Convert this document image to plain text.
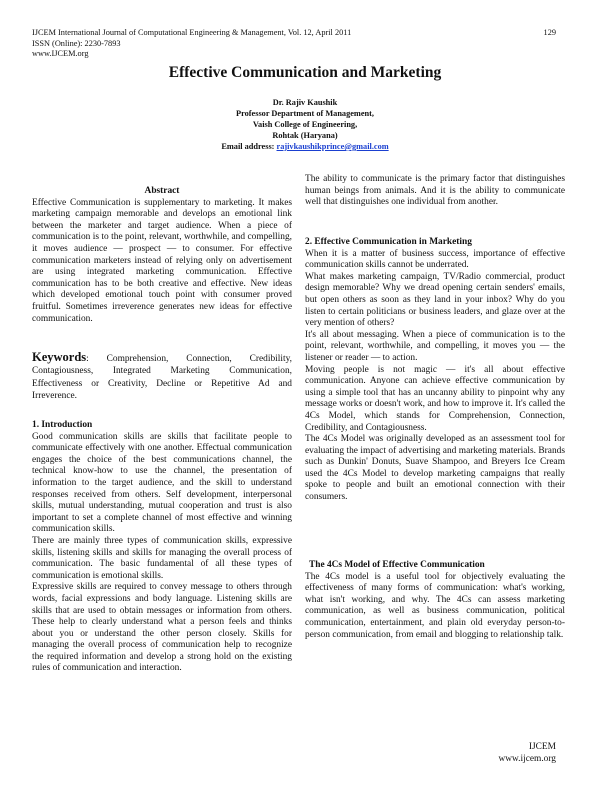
IJCEM International Journal of Computational Engineering & Management, Vol. 12, April 2011
ISSN (Online): 2230-7893
www.IJCEM.org
129
Effective Communication and Marketing
Dr. Rajiv Kaushik
Professor Department of Management,
Vaish College of Engineering,
Rohtak (Haryana)
Email address: rajivkaushikprince@gmail.com

Abstract

Effective Communication is supplementary to marketing. It makes marketing campaign memorable and develops an emotional link between the marketer and target audience. When a piece of communication is to the point, relevant, worthwhile, and compelling, it moves audience — prospect — to consumer. For effective communication marketers instead of relying only on advertisement are using integrated marketing communication. Effective communication has to be both creative and effective. New ideas which developed emotional touch point with consumer proved fruitful. Sometimes irreverence generates new ideas for effective communication.

Keywords: Comprehension, Connection, Credibility, Contagiousness, Integrated Marketing Communication, Effectiveness or Creativity, Decline or Repetitive Ad and Irreverence.

1. Introduction

Good communication skills are skills that facilitate people to communicate effectively with one another. Effectual communication engages the choice of the best communications channel, the technical know-how to use the channel, the presentation of information to the target audience, and the skill to understand responses received from others. Self development, interpersonal skills, mutual understanding, mutual cooperation and trust is also important to set a complete channel of most effective and winning communication skills.

There are mainly three types of communication skills, expressive skills, listening skills and skills for managing the overall process of communication. The basic fundamental of all these types of communication is emotional skills.

Expressive skills are required to convey message to others through words, facial expressions and body language. Listening skills are skills that are used to obtain messages or information from others. These help to clearly understand what a person feels and thinks about you or understand the other person closely. Skills for managing the overall process of communication help to recognize the required information and develop a strong hold on the existing rules of communication and interaction.

The ability to communicate is the primary factor that distinguishes human beings from animals. And it is the ability to communicate well that distinguishes one individual from another.

2. Effective Communication in Marketing

When it is a matter of business success, importance of effective communication skills cannot be underrated.

What makes marketing campaign, TV/Radio commercial, product design memorable? Why we dread opening certain senders' emails, but open others as soon as they land in your inbox? Why do you listen to certain politicians or business leaders, and glaze over at the very mention of others?

It's all about messaging. When a piece of communication is to the point, relevant, worthwhile, and compelling, it moves you — the listener or reader — to action.

Moving people is not magic — it's all about effective communication. Anyone can achieve effective communication by using a simple tool that has an uncanny ability to pinpoint why any message works or doesn't work, and how to improve it. It's called the 4Cs Model, which stands for Comprehension, Connection, Credibility, and Contagiousness.

The 4Cs Model was originally developed as an assessment tool for evaluating the impact of advertising and marketing materials. Brands such as Dunkin' Donuts, Suave Shampoo, and Breyers Ice Cream used the 4Cs Model to develop marketing campaigns that really spoke to people and built an emotional connection with their consumers.

The 4Cs Model of Effective Communication

The 4Cs model is a useful tool for objectively evaluating the effectiveness of many forms of communication: what's working, what isn't working, and why. The 4Cs can assess marketing communication, as well as business communication, political communication, entertainment, and plain old everyday person-to-person communication, from email and blogging to relationship talk.

IJCEM
www.ijcem.org
